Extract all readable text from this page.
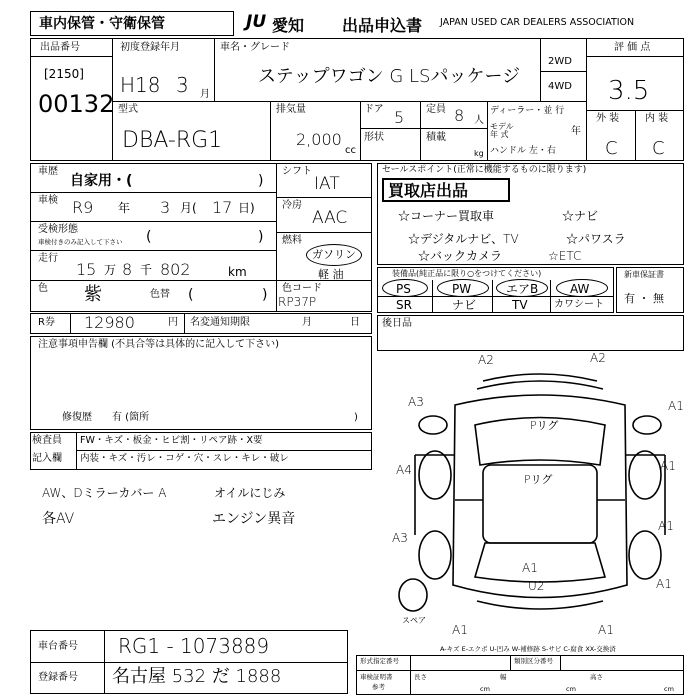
車内保管・守衛保管	JU 愛知 出品申込書 JAPAN USED CAR DEALERS ASSOCIATION
出品番号
[2150]
00132
初度登録年月
H18 3 月
車名・グレード
ステップワゴン G LSパッケージ
2WD
4WD
評 価 点
3.5
外 装	内 装
C C
型式
DBA-RG1
排気量
2,000
cc
ドア 5
形状
定員 8 人
積載
kg
ディーラー・並 行
モデル年 式	年
ハンドル 左・右
車歴
自家用・(	)
車検 R9 年 3 月( 17 日)
受検形態
車検付きのみ記入して下さい (	)
走行
15 万 8 千 802	km
色 紫	色替 (	)
シフト
IAT
冷房
AAC
燃料
ガソリン
軽 油
色コード
RP37P
R券 12980	円 名変通知期限	月	日
注意事項申告欄 (不具合等は具体的に記入して下さい)
修復歴 有 (箇所	)
検査員
記入欄
FW・キズ・板金・ヒビ割・リペア跡・X要
内装・キズ・汚レ・コゲ・穴・スレ・キレ・破レ
AW、Dミラーカバー A
各AV
オイルにじみ
エンジン異音
セールスポイント(正常に機能するものに限ります)
買取店出品
☆コーナー買取車	☆ナビ
☆デジタルナビ、TV	☆パワスラ
☆バックカメラ	☆ETC
装備品(純正品に限り○をつけてください)
PS	PW	エアB	AW
SR	ナビ	TV	カワシート
新車保証書
有 ・ 無
後日品
A2	A2
A3	A1
A4	A1
A3
A1
A1
A1
U2
A1	A1
Pリグ
Pリグ
スペア
A-キズ E-エクボ U-凹み W-補修跡 S-サビ C-腐食 XX-交換済
車台番号 RG1 - 1073889
登録番号 名古屋 532 だ 1888
形式指定番号	類別区分番号
車検証明書
参考
長さ
cm
幅
cm
高さ
cm
